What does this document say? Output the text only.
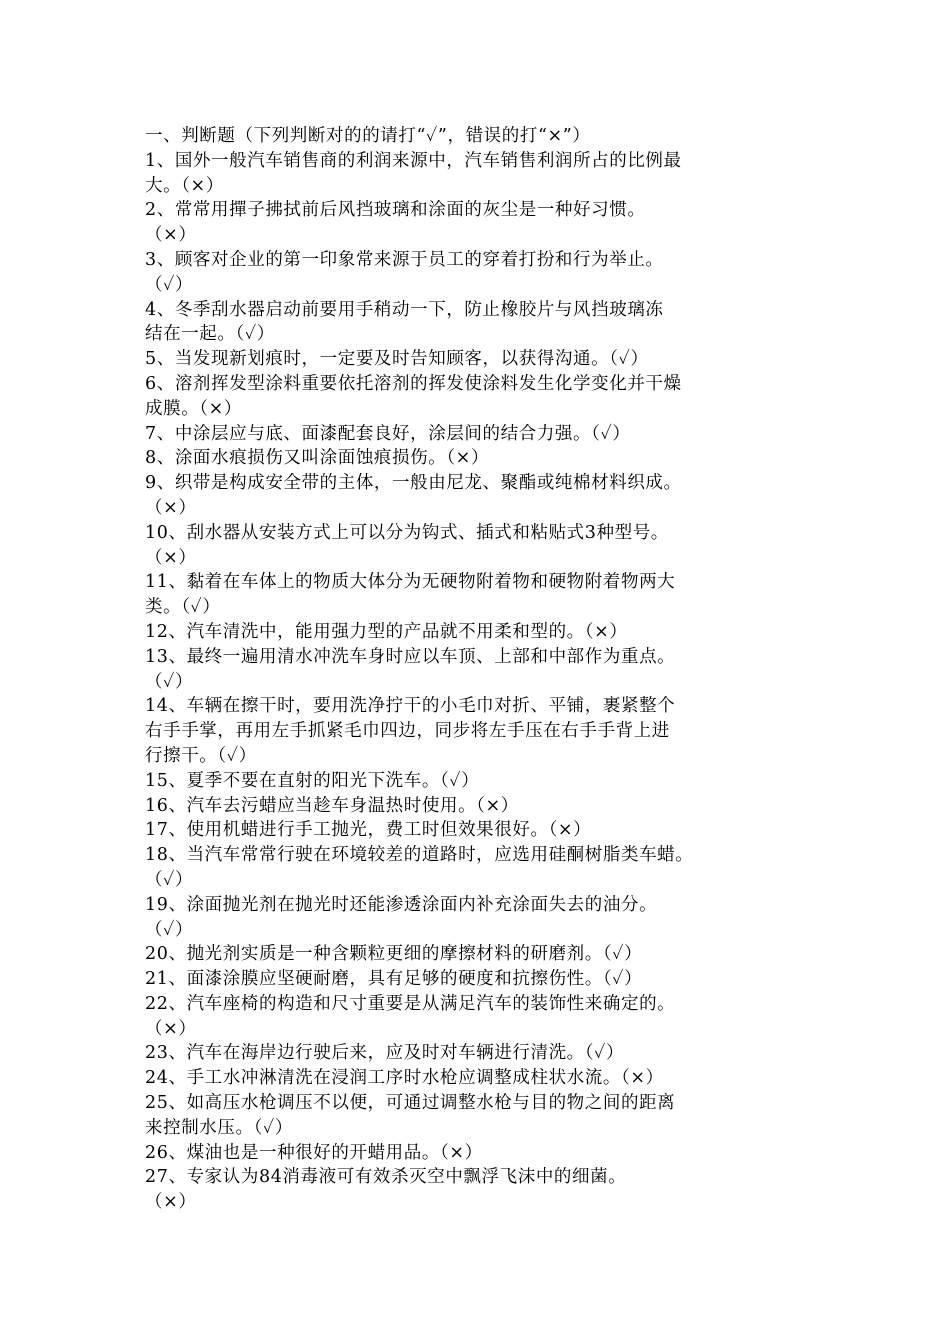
一、判断题（下列判断对的的请打“✓”，错误的打“×”）
1、国外一般汽车销售商的利润来源中，汽车销售利润所占的比例最
大。（×）
2、常常用撣子拂拭前后风挡玻璃和涂面的灰尘是一种好习惯。
（×）
3、顾客对企业的第一印象常来源于员工的穿着打扮和行为举止。
（✓）
4、冬季刮水器启动前要用手稍动一下，防止橡胶片与风挡玻璃冻
结在一起。（✓）
5、当发现新划痕时，一定要及时告知顾客，以获得沟通。（✓）
6、溶剂挥发型涂料重要依托溶剂的挥发使涂料发生化学变化并干燥
成膜。（×）
7、中涂层应与底、面漆配套良好，涂层间的结合力强。（✓）
8、涂面水痕损伤又叫涂面蚀痕损伤。（×）
9、织带是构成安全带的主体，一般由尼龙、聚酯或纯棉材料织成。
（×）
10、刮水器从安装方式上可以分为钩式、插式和粘贴式3种型号。
（×）
11、黏着在车体上的物质大体分为无硬物附着物和硬物附着物两大
类。（✓）
12、汽车清洗中，能用强力型的产品就不用柔和型的。（×）
13、最终一遍用清水冲洗车身时应以车顶、上部和中部作为重点。
（✓）
14、车辆在擦干时，要用洗净拧干的小毛巾对折、平铺，裹紧整个
右手手掌，再用左手抓紧毛巾四边，同步将左手压在右手手背上进
行擦干。（✓）
15、夏季不要在直射的阳光下洗车。（✓）
16、汽车去污蜡应当趁车身温热时使用。（×）
17、使用机蜡进行手工抛光，费工时但效果很好。（×）
18、当汽车常常行驶在环境较差的道路时，应选用硅酮树脂类车蜡。
（✓）
19、涂面抛光剂在抛光时还能渗透涂面内补充涂面失去的油分。
（✓）
20、抛光剂实质是一种含颗粒更细的摩擦材料的研磨剂。（✓）
21、面漆涂膜应坚硬耐磨，具有足够的硬度和抗擦伤性。（✓）
22、汽车座椅的构造和尺寸重要是从满足汽车的装饰性来确定的。
（×）
23、汽车在海岸边行驶后来，应及时对车辆进行清洗。（✓）
24、手工水冲淋清洗在浸润工序时水枪应调整成柱状水流。（×）
25、如高压水枪调压不以便，可通过调整水枪与目的物之间的距离
来控制水压。（✓）
26、煤油也是一种很好的开蜡用品。（×）
27、专家认为84消毒液可有效杀灭空中飘浮飞沫中的细菌。
（×）
